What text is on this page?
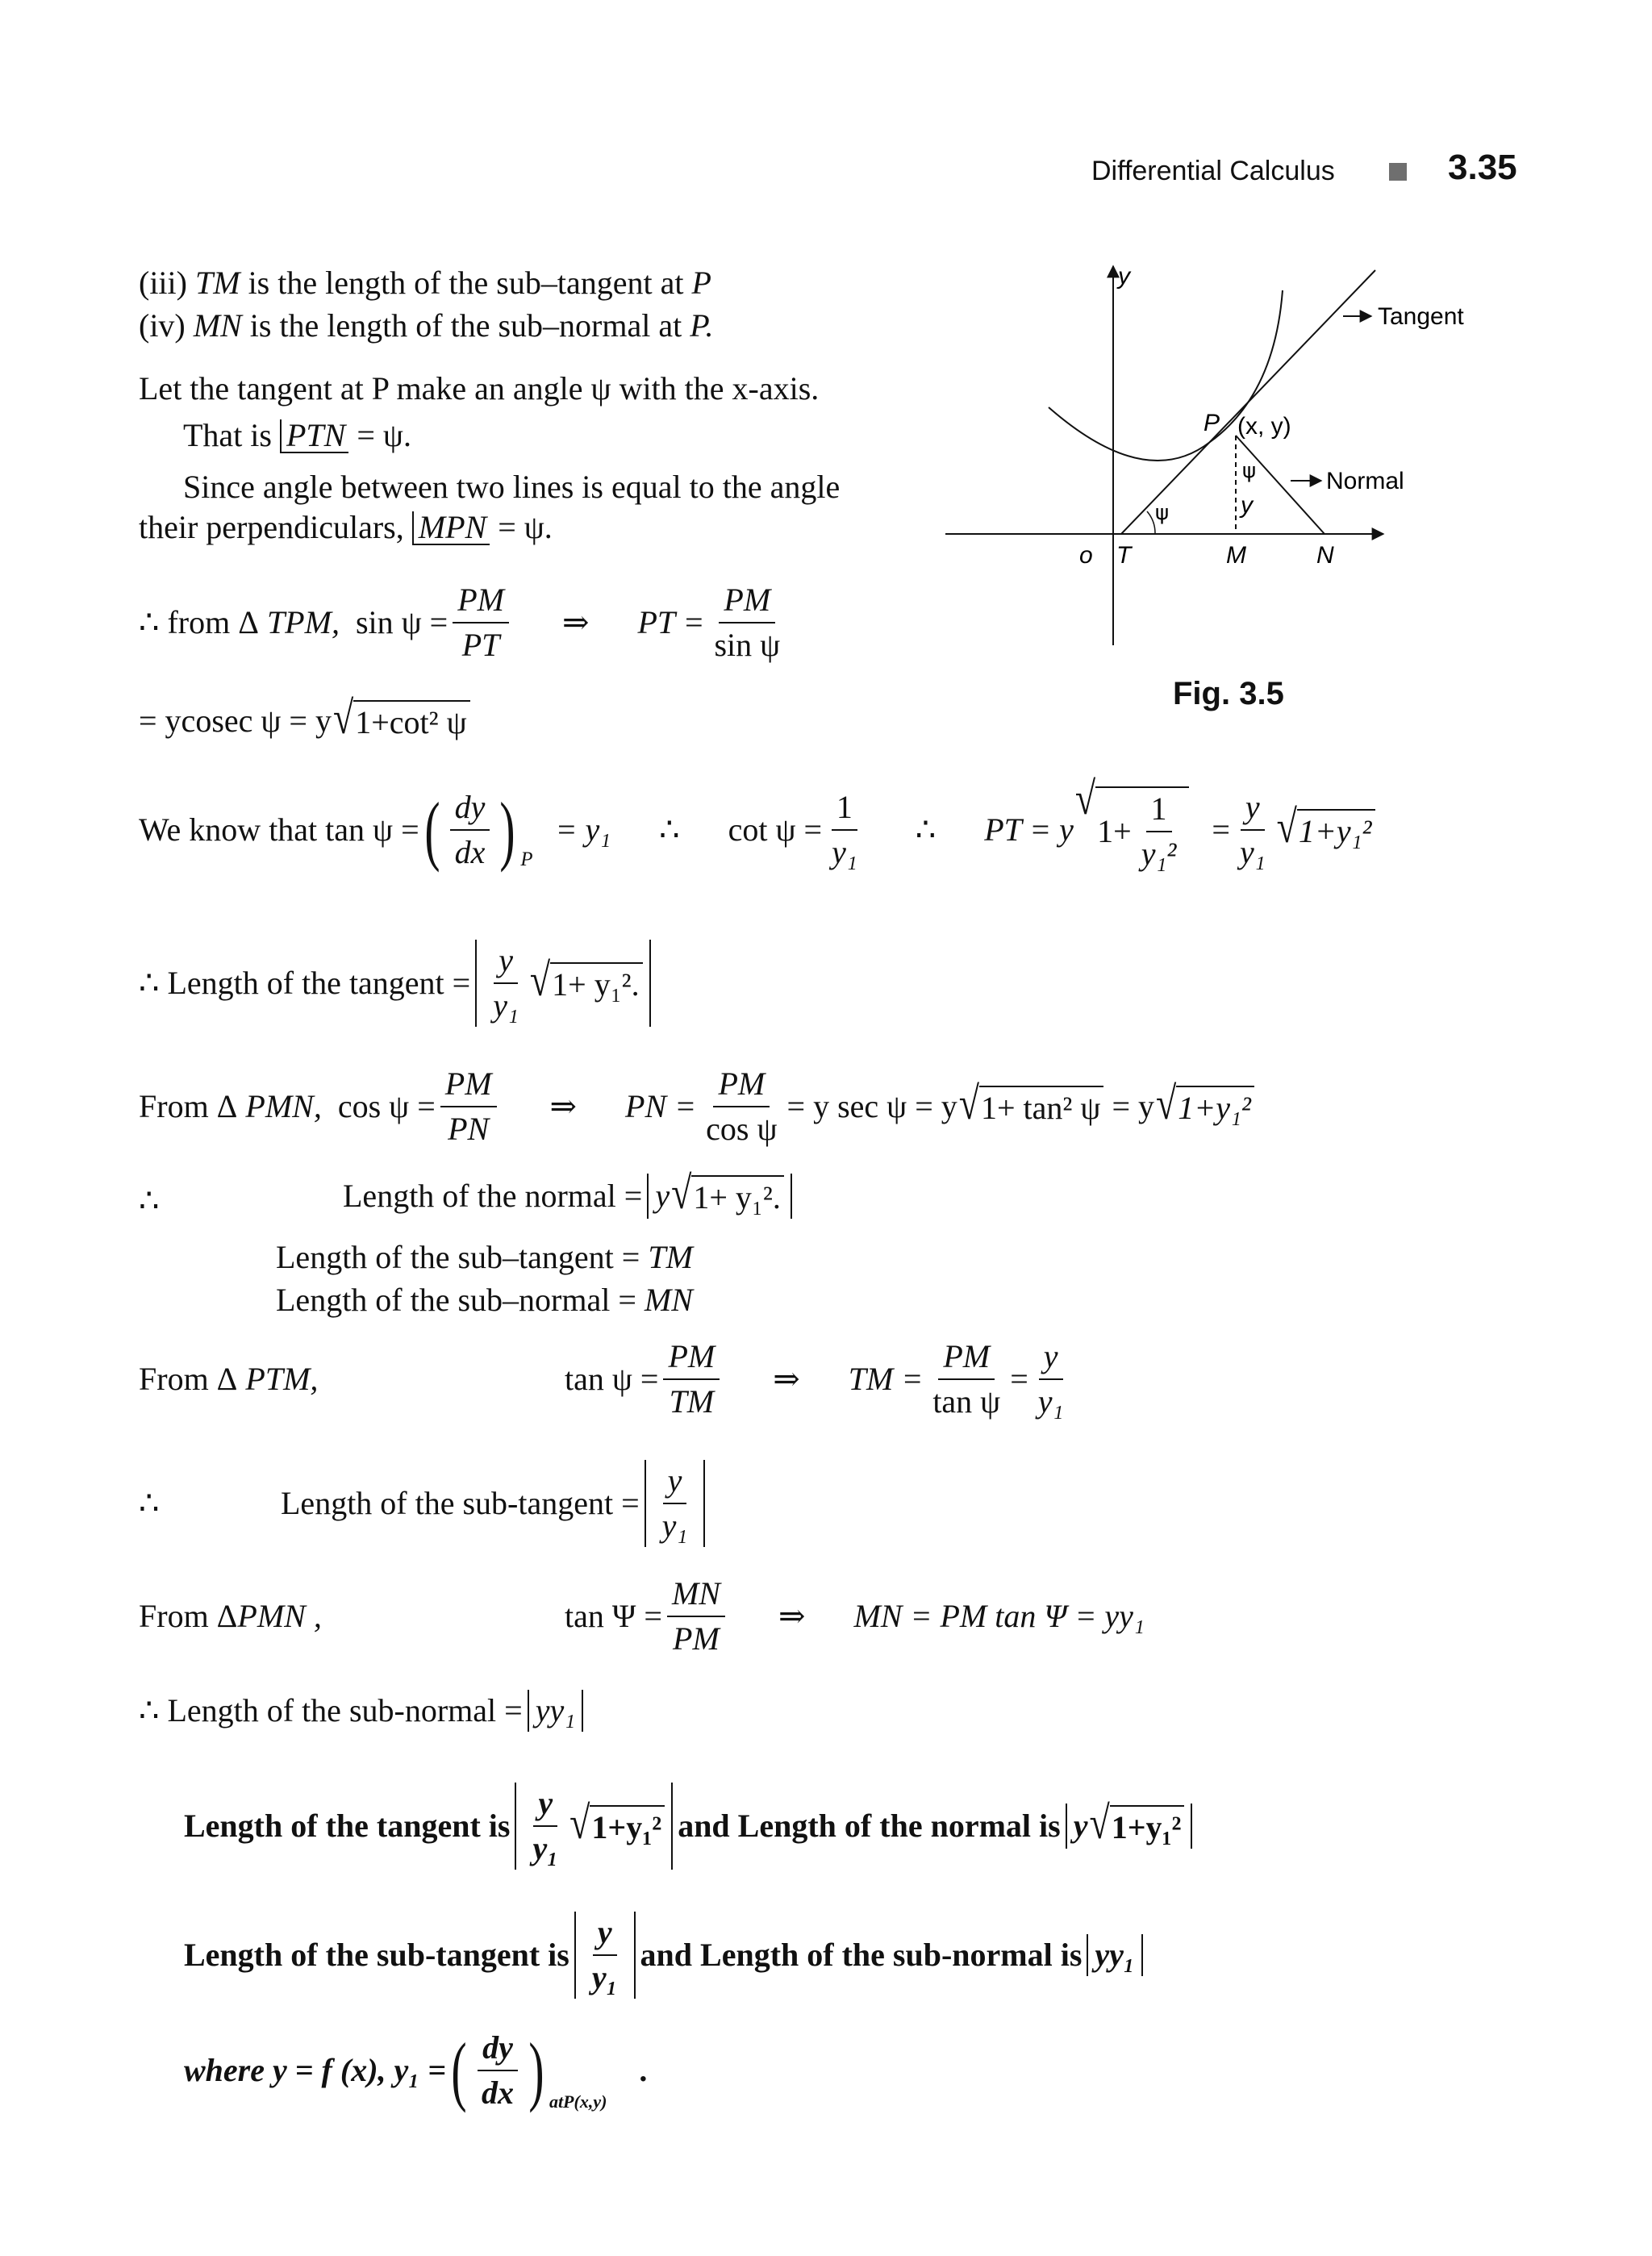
Differential Calculus	3.35
(iii) TM is the length of the sub–tangent at P
(iv) MN is the length of the sub–normal at P.
Let the tangent at P make an angle ψ with the x-axis.
That is PTN = ψ.
Since angle between two lines is equal to the angle
their perpendiculars, MPN = ψ.
∴ from Δ
TPM,
$\sin \psi = \frac{PM}{PT}$ ⇒ PT = $\frac{PM}{\text{sin ψ}}$
= ycosec ψ = y √ 1+cot² ψ
We know that tan ψ = ( $\frac{dy}{dx}$ ) $_P$
= y₁ ∴ $\cot \psi = \frac{1}{\text{y₁}}$ ∴ PT = y
√
$1+ \frac{1}{\text{y₁²}} = \frac{y}{\text{y₁}}$ √ 1+y₁²
∴ Length of the tangent = $\frac{y}{\text{y₁}}$ √ 1+ y₁².
From Δ
PMN,
$\cos \psi = \frac{PM}{PN}$ ⇒ PN = $\frac{PM}{\text{cos ψ}} = y$ sec ψ = y √ 1+ tan² ψ
= y √ 1+y₁²
∴	Length of the normal = y √ 1+ y₁².
Length of the sub–tangent = TM
Length of the sub–normal = MN
From Δ PTM,	$\tan \psi = \frac{PM}{TM}$ ⇒ TM = $\frac{PM}{\text{tan ψ}} = \frac{y}{\text{y₁}}$
∴	Length of the sub-tangent = $\frac{y}{\text{y₁}}$
From ΔPMN ,	$\tan \Psi = \frac{MN}{PM}$ ⇒ MN = PM tan Ψ = yy₁
∴ Length of the sub-normal = yy₁
Length of the tangent is $\frac{y}{\text{y₁}}$ √ 1+y₁² and Length of the normal is y √ 1+y₁²
Length of the sub-tangent is $\frac{y}{\text{y₁}}$ and Length of the sub-normal is yy₁
where y = f (x), y₁ = ( $\frac{dy}{dx}$ ) $_{atP(x,y)}$
.
y
Tangent
Normal
P (x, y)
ψ
ψ	y
o T	M	N
Fig. 3.5
